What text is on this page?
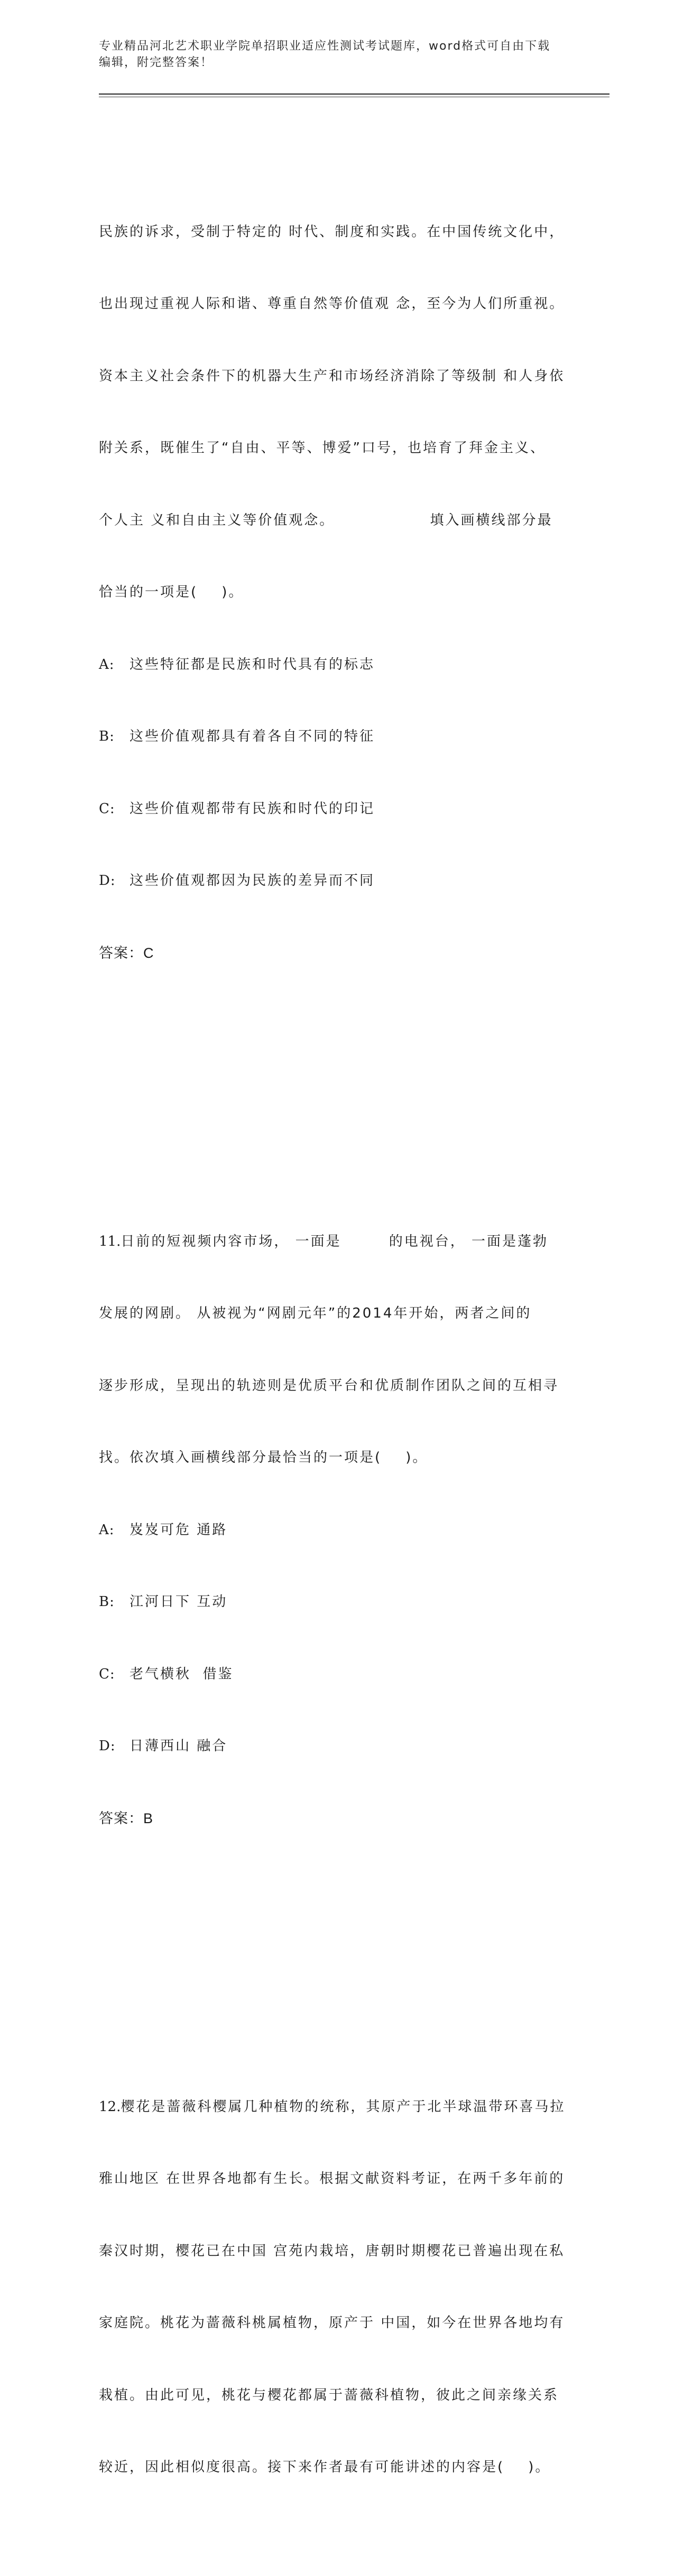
专业精品河北艺术职业学院单招职业适应性测试考试题库，word格式可自由下载
编辑，附完整答案！

民族的诉求，受制于特定的 时代、制度和实践。在中国传统文化中，

也出现过重视人际和谐、尊重自然等价值观 念，至今为人们所重视。

资本主义社会条件下的机器大生产和市场经济消除了等级制 和人身依

附关系，既催生了“自由、平等、博爱”口号，也培育了拜金主义、

个人主 义和自由主义等价值观念。                填入画横线部分最

恰当的一项是(    )。

A: 这些特征都是民族和时代具有的标志

B: 这些价值观都具有着各自不同的特征

C: 这些价值观都带有民族和时代的印记

D: 这些价值观都因为民族的差异而不同

答案：C

11.日前的短视频内容市场， 一面是        的电视台， 一面是蓬勃

发展的网剧。 从被视为“网剧元年”的2014年开始，两者之间的

逐步形成，呈现出的轨迹则是优质平台和优质制作团队之间的互相寻

找。依次填入画横线部分最恰当的一项是(    )。

A: 岌岌可危 通路

B: 江河日下 互动

C: 老气横秋  借鉴

D: 日薄西山 融合

答案：B

12.樱花是蔷薇科樱属几种植物的统称，其原产于北半球温带环喜马拉

雅山地区 在世界各地都有生长。根据文献资料考证，在两千多年前的

秦汉时期，樱花已在中国 宫苑内栽培，唐朝时期樱花已普遍出现在私

家庭院。桃花为蔷薇科桃属植物，原产于 中国，如今在世界各地均有

栽植。由此可见，桃花与樱花都属于蔷薇科植物，彼此之间亲缘关系

较近，因此相似度很高。接下来作者最有可能讲述的内容是(    )。
